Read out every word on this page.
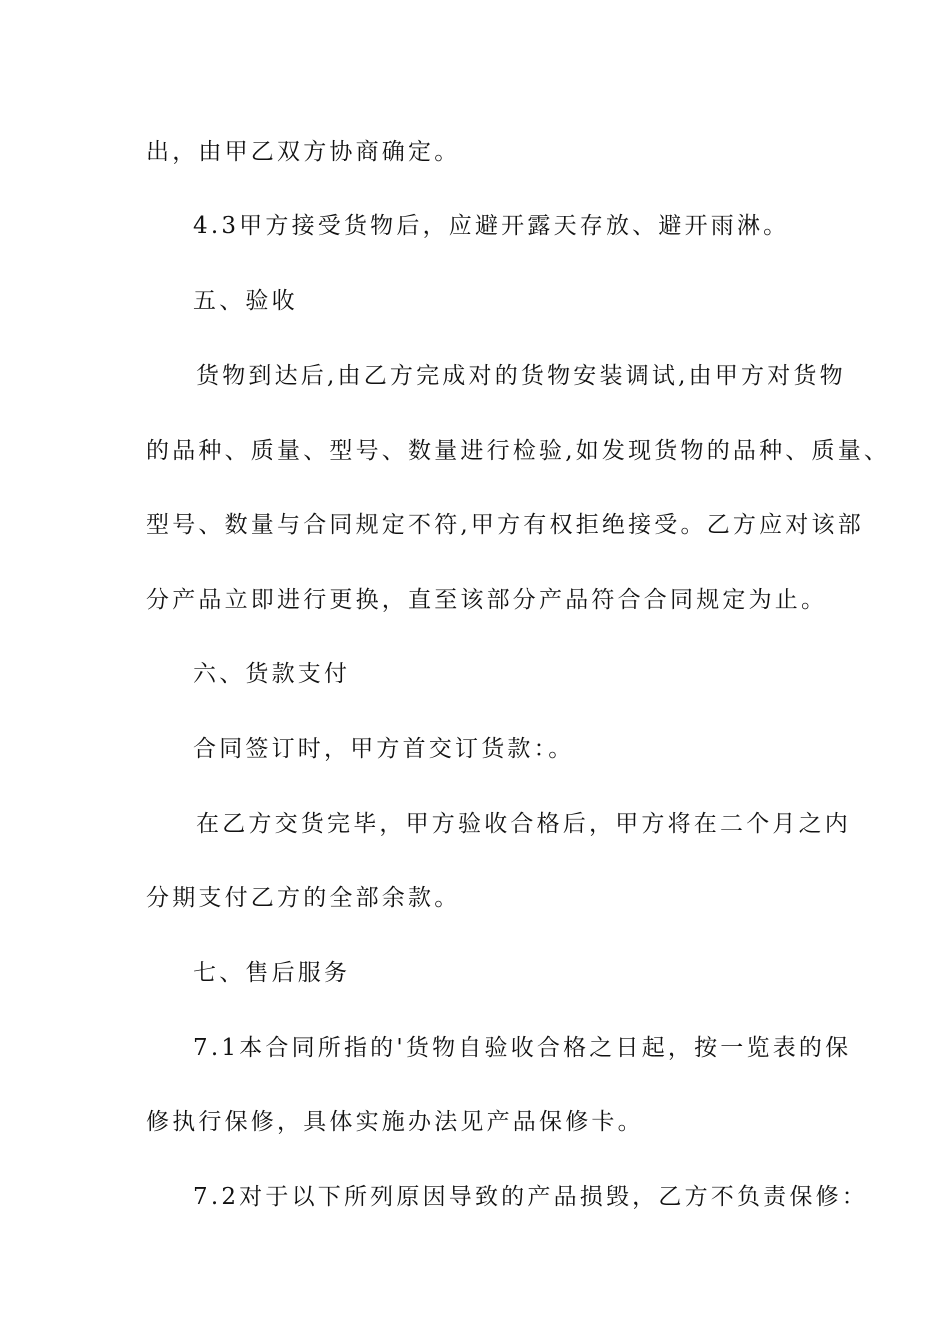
出，由甲乙双方协商确定。
4.3甲方接受货物后，应避开露天存放、避开雨淋。
五、验收
货物到达后,由乙方完成对的货物安装调试,由甲方对货物
的品种、质量、型号、数量进行检验,如发现货物的品种、质量、
型号、数量与合同规定不符,甲方有权拒绝接受。乙方应对该部
分产品立即进行更换，直至该部分产品符合合同规定为止。
六、货款支付
合同签订时，甲方首交订货款：。
在乙方交货完毕，甲方验收合格后，甲方将在二个月之内
分期支付乙方的全部余款。
七、售后服务
7.1本合同所指的'货物自验收合格之日起，按一览表的保
修执行保修，具体实施办法见产品保修卡。
7.2对于以下所列原因导致的产品损毁，乙方不负责保修：
